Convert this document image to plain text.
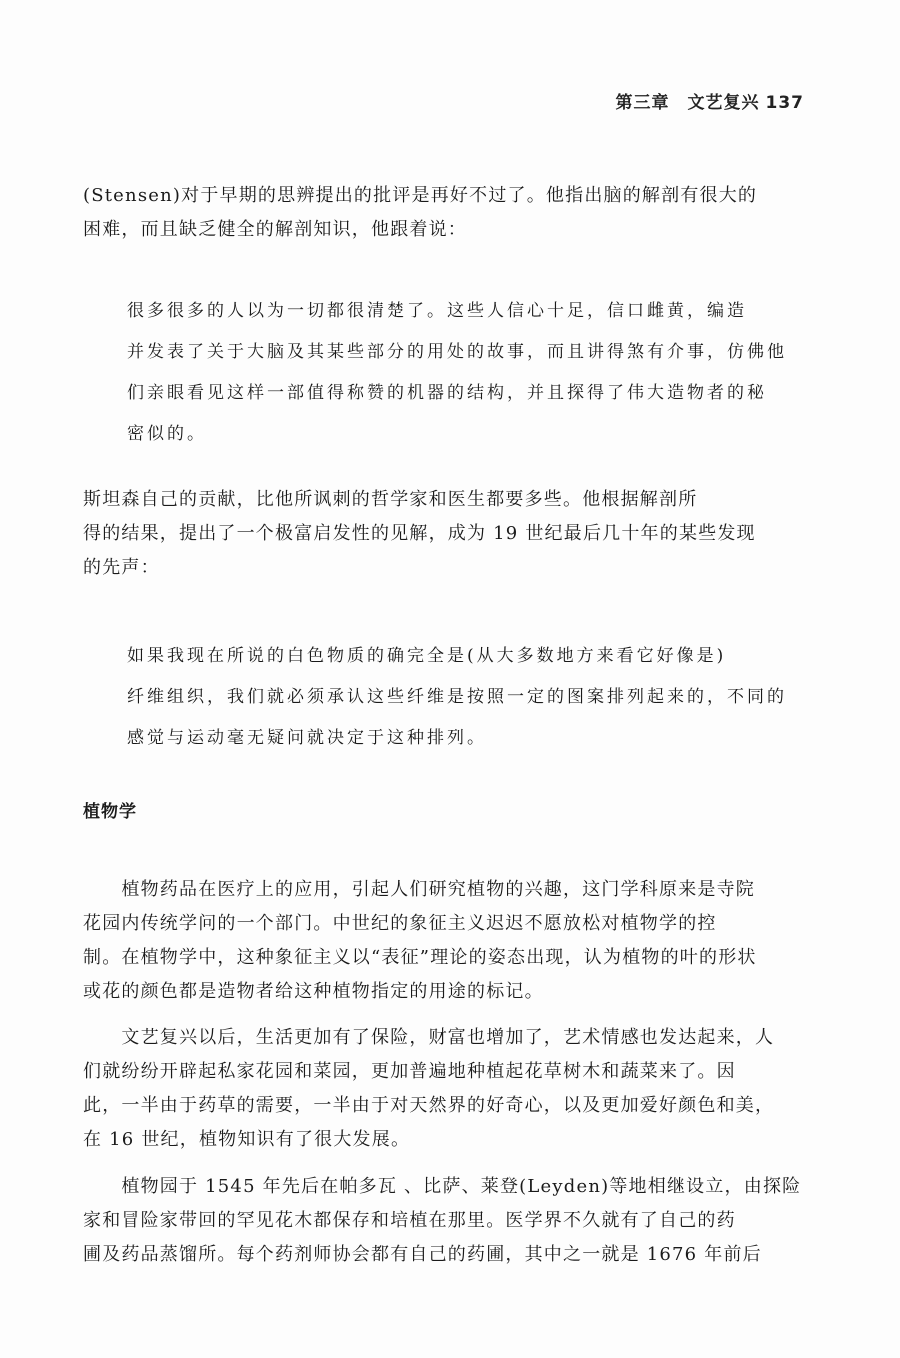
第三章 文艺复兴 137

(Stensen)对于早期的思辨提出的批评是再好不过了。他指出脑的解剖有很大的
困难，而且缺乏健全的解剖知识，他跟着说：

很多很多的人以为一切都很清楚了。这些人信心十足，信口雌黄，编造
并发表了关于大脑及其某些部分的用处的故事，而且讲得煞有介事，仿佛他
们亲眼看见这样一部值得称赞的机器的结构，并且探得了伟大造物者的秘
密似的。

斯坦森自己的贡献，比他所讽刺的哲学家和医生都要多些。他根据解剖所
得的结果，提出了一个极富启发性的见解，成为 19 世纪最后几十年的某些发现
的先声：

如果我现在所说的白色物质的确完全是(从大多数地方来看它好像是)
纤维组织，我们就必须承认这些纤维是按照一定的图案排列起来的，不同的
感觉与运动毫无疑问就决定于这种排列。

植物学

　　植物药品在医疗上的应用，引起人们研究植物的兴趣，这门学科原来是寺院
花园内传统学问的一个部门。中世纪的象征主义迟迟不愿放松对植物学的控
制。在植物学中，这种象征主义以“表征”理论的姿态出现，认为植物的叶的形状
或花的颜色都是造物者给这种植物指定的用途的标记。

　　文艺复兴以后，生活更加有了保险，财富也增加了，艺术情感也发达起来，人
们就纷纷开辟起私家花园和菜园，更加普遍地种植起花草树木和蔬菜来了。因
此，一半由于药草的需要，一半由于对天然界的好奇心，以及更加爱好颜色和美，
在 16 世纪，植物知识有了很大发展。

　　植物园于 1545 年先后在帕多瓦 、比萨、莱登(Leyden)等地相继设立，由探险
家和冒险家带回的罕见花木都保存和培植在那里。医学界不久就有了自己的药
圃及药品蒸馏所。每个药剂师协会都有自己的药圃，其中之一就是 1676 年前后
